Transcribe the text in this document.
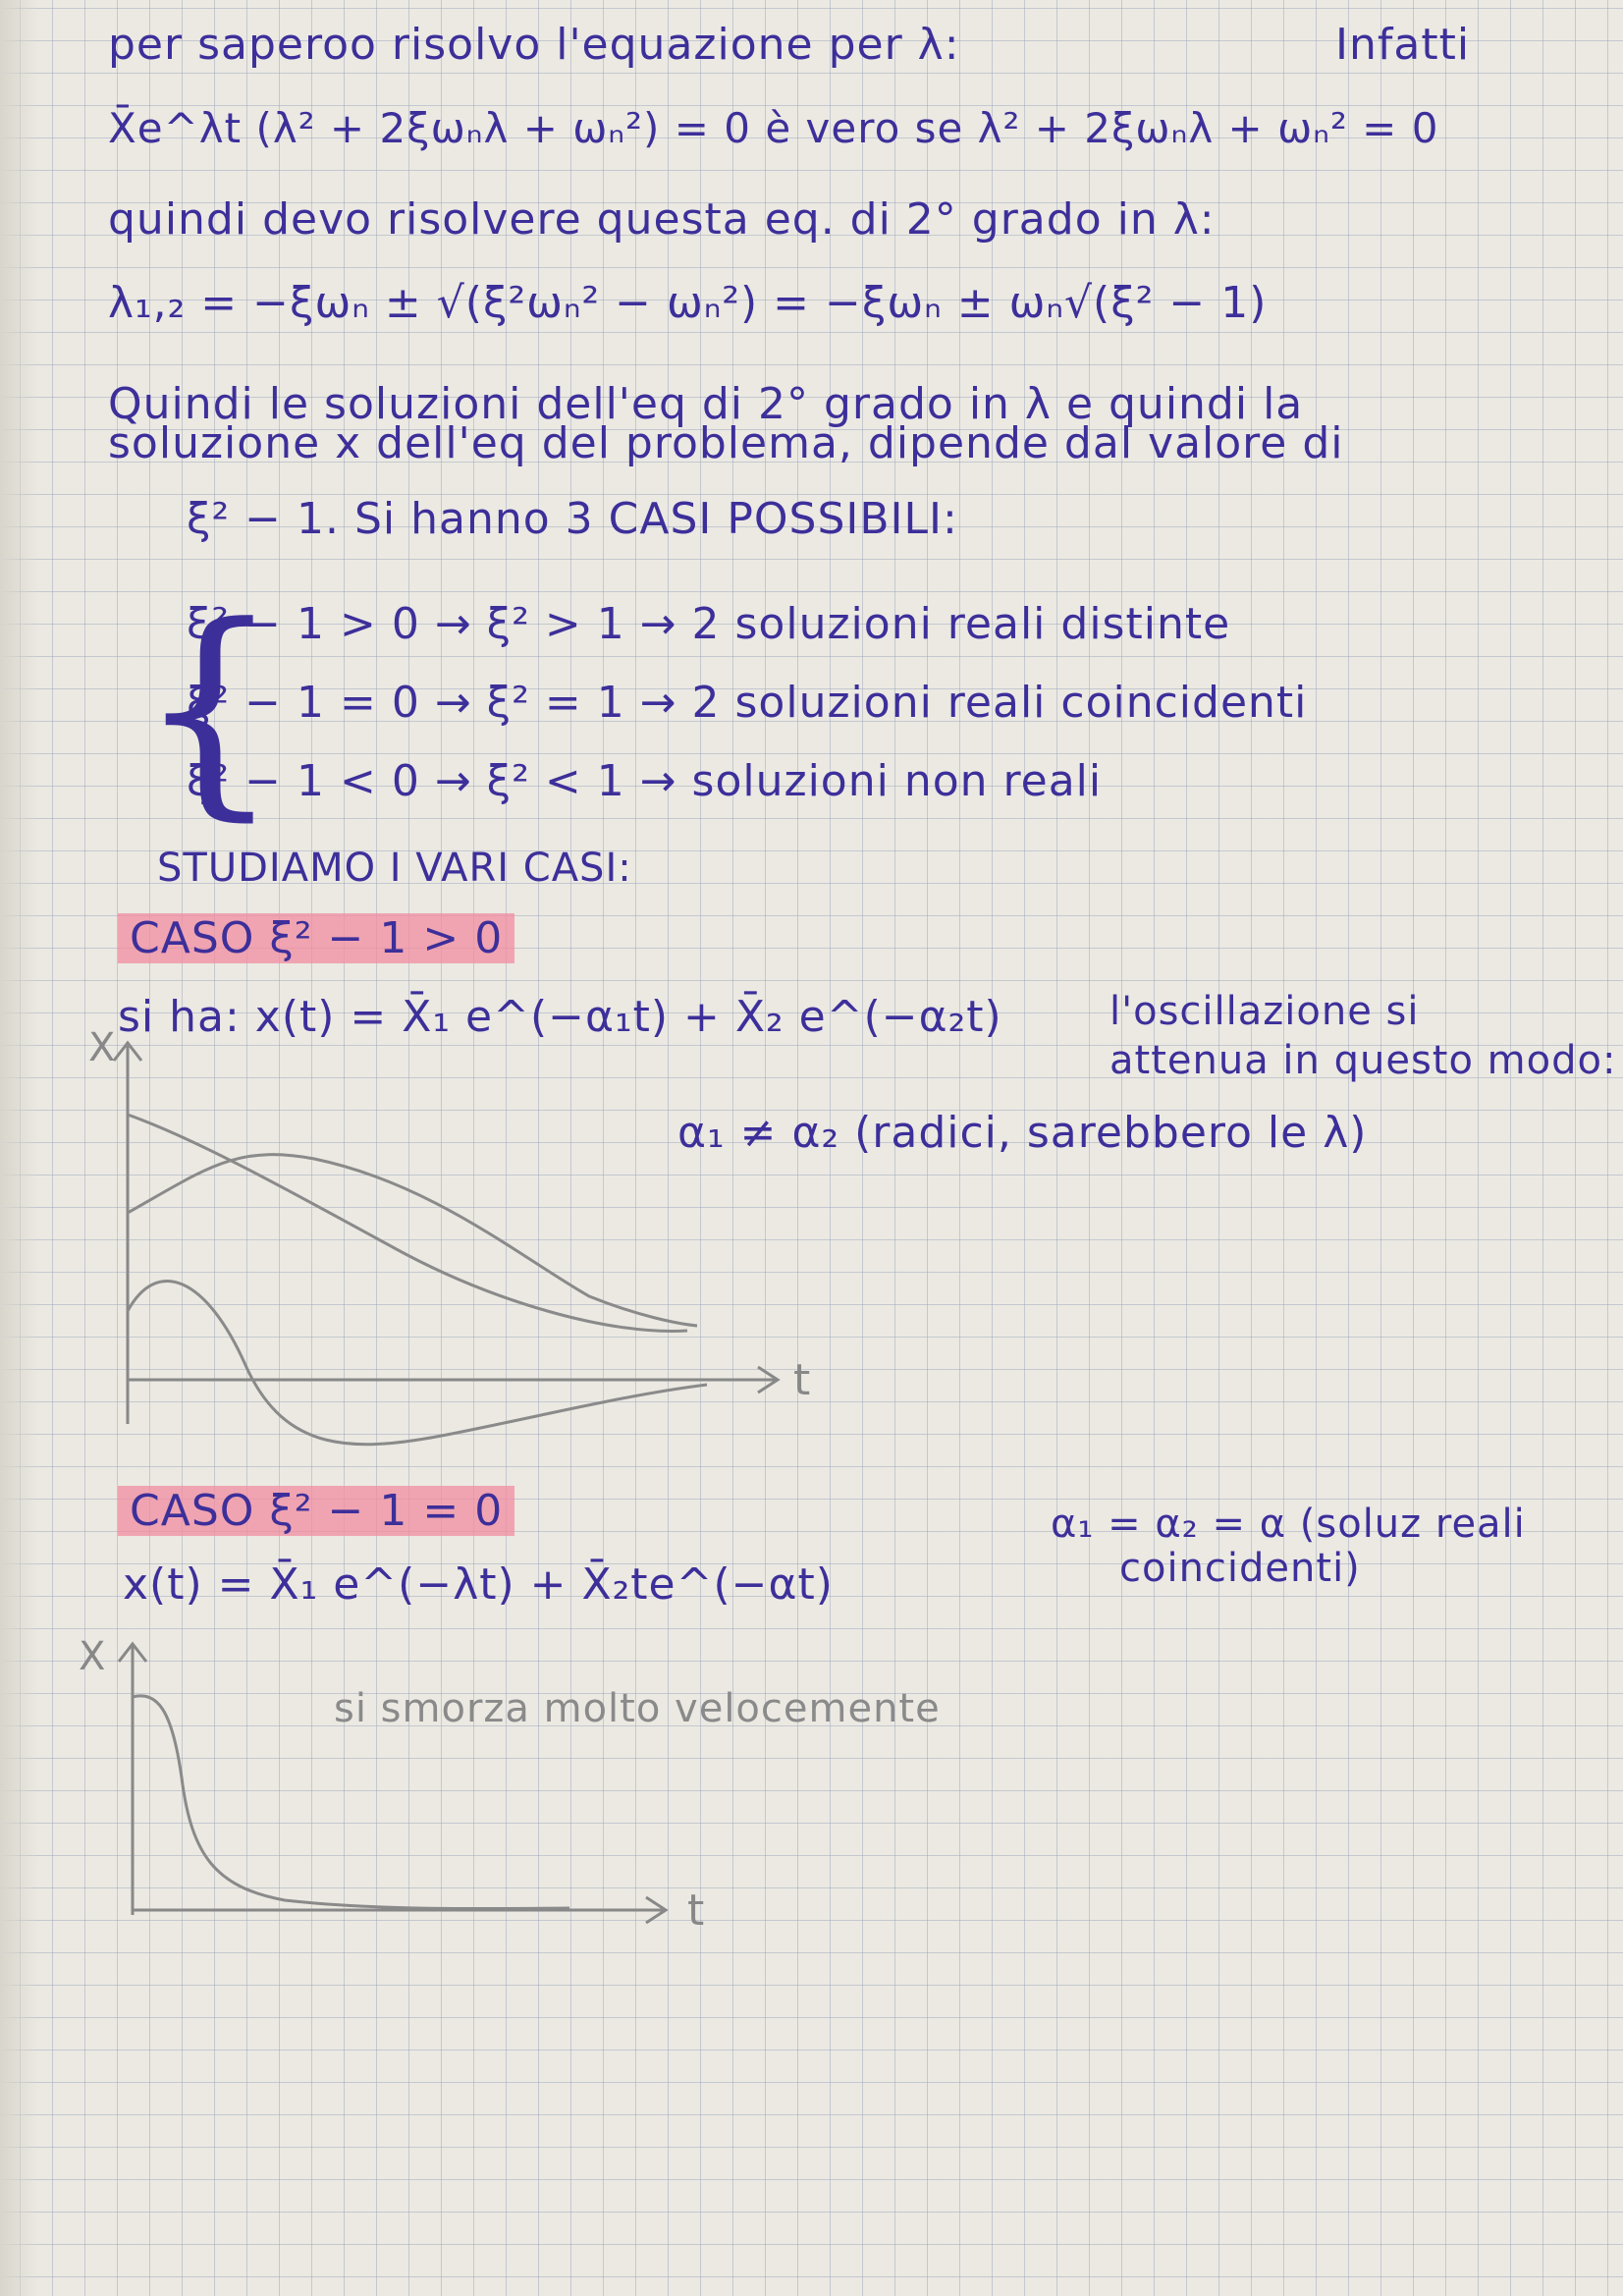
per saperoo risolvo l'equazione per λ:	Infatti
X̄e^λt (λ² + 2ξωₙλ + ωₙ²) = 0 è vero se λ² + 2ξωₙλ + ωₙ² = 0
quindi devo risolvere questa eq. di 2° grado in λ:
λ₁,₂ = −ξωₙ ± √(ξ²ωₙ² − ωₙ²) = −ξωₙ ± ωₙ√(ξ² − 1)
Quindi le soluzioni dell'eq di 2° grado in λ e quindi la
soluzione x dell'eq del problema, dipende dal valore di
ξ² − 1. Si hanno 3 CASI POSSIBILI:
{
ξ² − 1 > 0 → ξ² > 1 → 2 soluzioni reali distinte
ξ² − 1 = 0 → ξ² = 1 → 2 soluzioni reali coincidenti
ξ² − 1 < 0 → ξ² < 1 → soluzioni non reali
STUDIAMO I VARI CASI:
CASO ξ² − 1 > 0
si ha: x(t) = X̄₁ e^(−α₁t) + X̄₂ e^(−α₂t)	l'oscillazione si
attenua in questo modo:
α₁ ≠ α₂ (radici, sarebbero le λ)
X
t
CASO ξ² − 1 = 0
x(t) = X̄₁ e^(−λt) + X̄₂te^(−αt)
α₁ = α₂ = α (soluz reali
coincidenti)
si smorza molto velocemente
X
t
